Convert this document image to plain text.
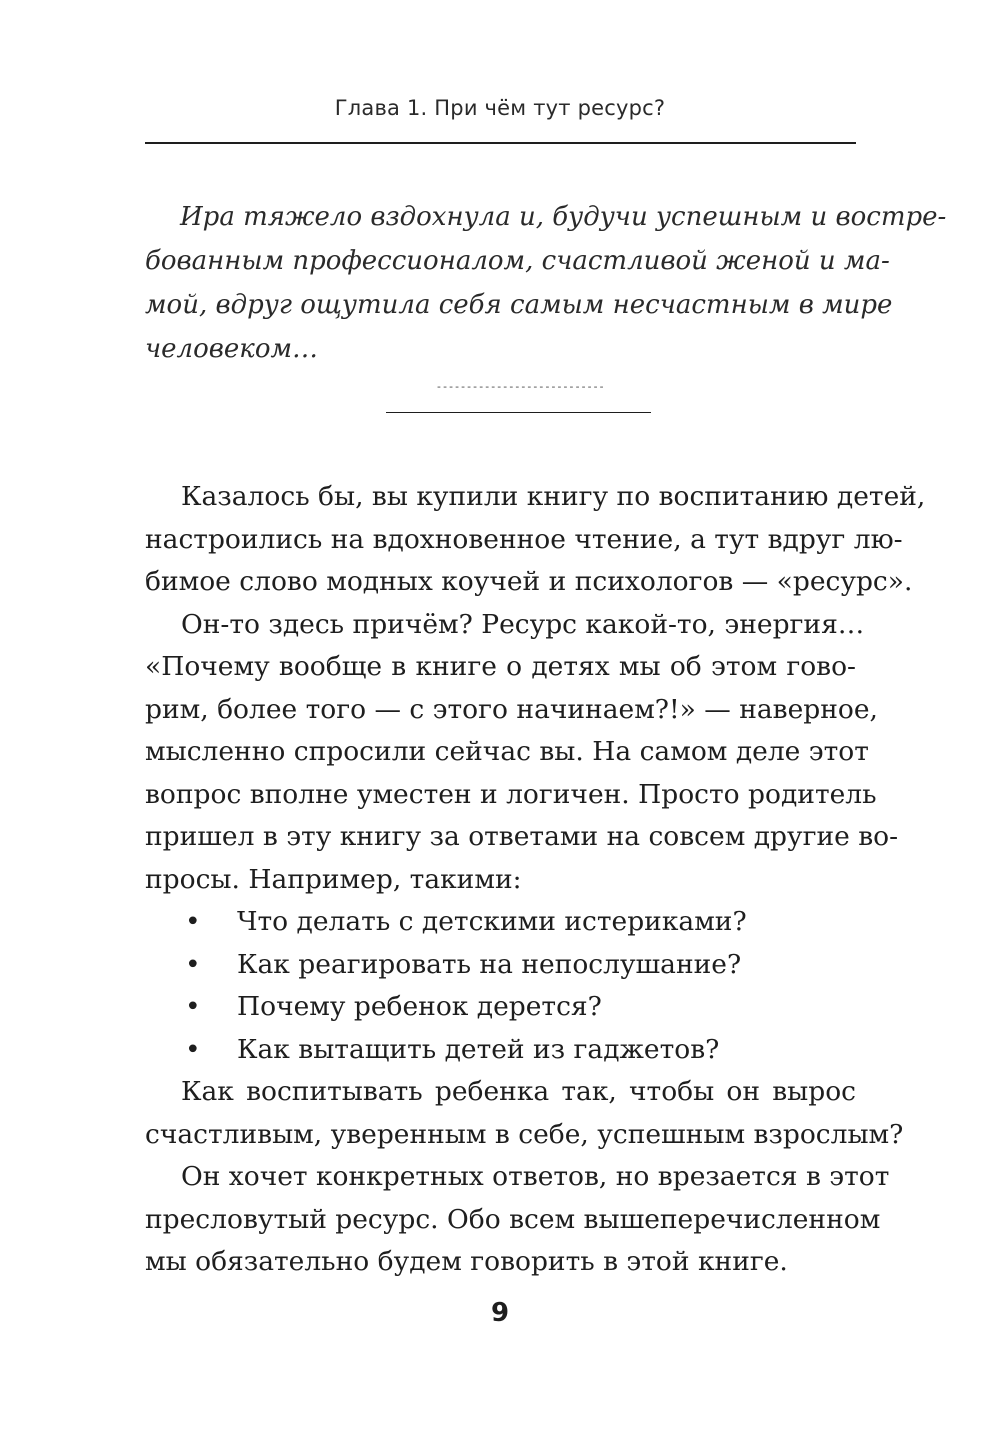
Глава 1. При чём тут ресурс?
Ира тяжело вздохнула и, будучи успешным и востре-
бованным профессионалом, счастливой женой и ма-
мой, вдруг ощутила себя самым несчастным в мире
человеком…
----------------------------
Казалось бы, вы купили книгу по воспитанию детей,
настроились на вдохновенное чтение, а тут вдруг лю-
бимое слово модных коучей и психологов — «ресурс».
Он-то здесь причём? Ресурс какой-то, энергия…
«Почему вообще в книге о детях мы об этом гово-
рим, более того — с этого начинаем?!» — наверное,
мысленно спросили сейчас вы. На самом деле этот
вопрос вполне уместен и логичен. Просто родитель
пришел в эту книгу за ответами на совсем другие во-
просы. Например, такими:
• Что делать с детскими истериками?
• Как реагировать на непослушание?
• Почему ребенок дерется?
• Как вытащить детей из гаджетов?
Как воспитывать ребенка так, чтобы он вырос
счастливым, уверенным в себе, успешным взрослым?
Он хочет конкретных ответов, но врезается в этот
пресловутый ресурс. Обо всем вышеперечисленном
мы обязательно будем говорить в этой книге.
9
